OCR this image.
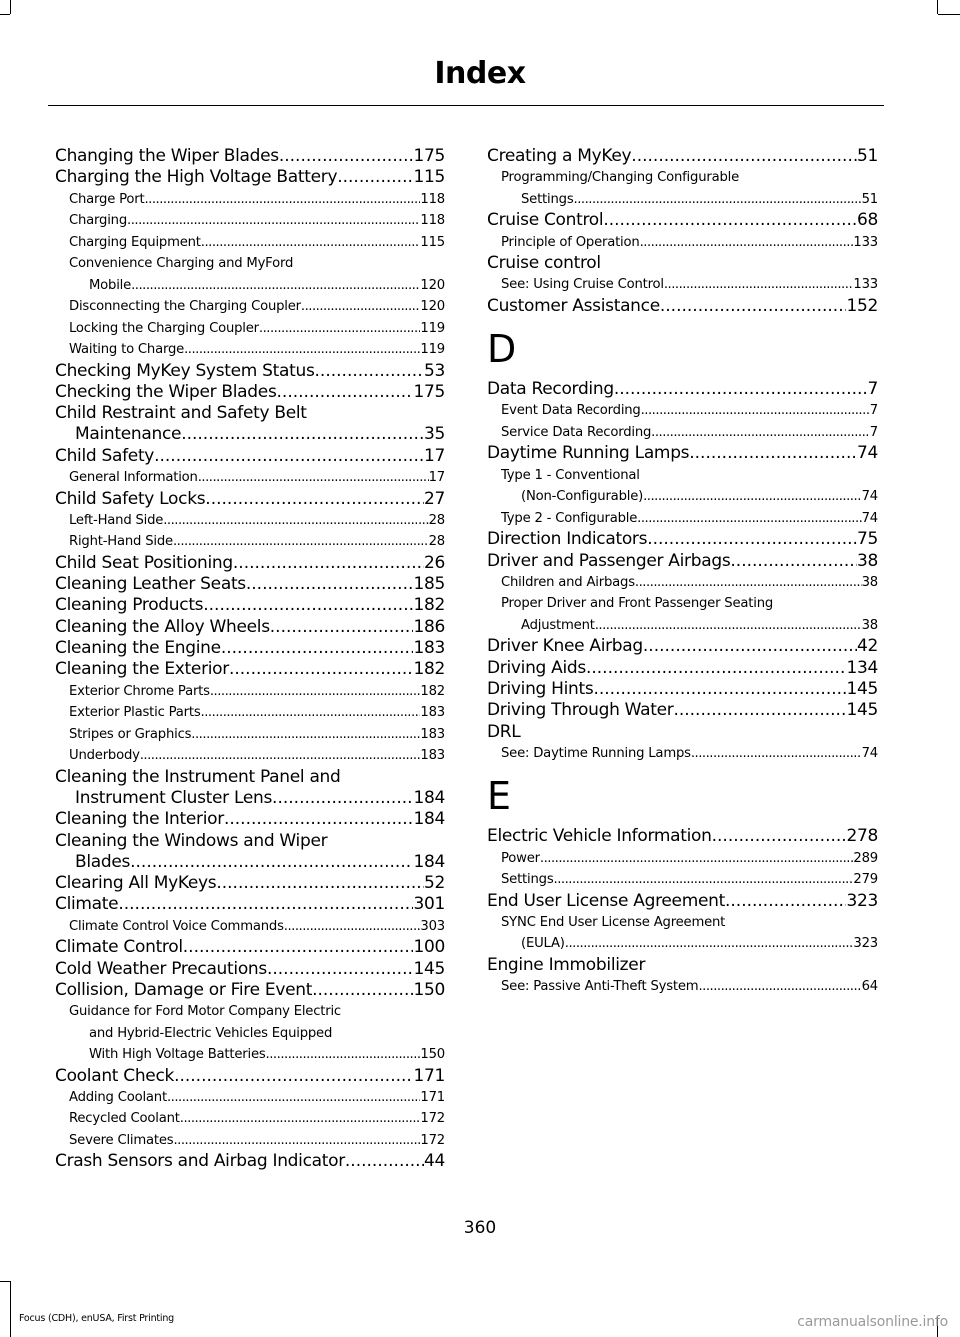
Index
Changing the Wiper Blades .....	175
Charging the High Voltage Battery .....	115
Charge Port .....	118
Charging .....	118
Charging Equipment .....	115
Convenience Charging and MyFord
Mobile .....	120
Disconnecting the Charging Coupler .....	120
Locking the Charging Coupler .....	119
Waiting to Charge .....	119
Checking MyKey System Status .....	53
Checking the Wiper Blades .....	175
Child Restraint and Safety Belt
Maintenance .....	35
Child Safety .....	17
General Information .....	17
Child Safety Locks .....	27
Left-Hand Side .....	28
Right-Hand Side .....	28
Child Seat Positioning .....	26
Cleaning Leather Seats .....	185
Cleaning Products .....	182
Cleaning the Alloy Wheels .....	186
Cleaning the Engine .....	183
Cleaning the Exterior .....	182
Exterior Chrome Parts .....	182
Exterior Plastic Parts .....	183
Stripes or Graphics .....	183
Underbody .....	183
Cleaning the Instrument Panel and
Instrument Cluster Lens .....	184
Cleaning the Interior .....	184
Cleaning the Windows and Wiper
Blades .....	184
Clearing All MyKeys .....	52
Climate .....	301
Climate Control Voice Commands .....	303
Climate Control .....	100
Cold Weather Precautions .....	145
Collision, Damage or Fire Event .....	150
Guidance for Ford Motor Company Electric
and Hybrid-Electric Vehicles Equipped
With High Voltage Batteries .....	150
Coolant Check .....	171
Adding Coolant .....	171
Recycled Coolant .....	172
Severe Climates .....	172
Crash Sensors and Airbag Indicator .....	44
Creating a MyKey .....	51
Programming/Changing Configurable
Settings .....	51
Cruise Control .....	68
Principle of Operation .....	133
Cruise control
See: Using Cruise Control .....	133
Customer Assistance .....	152
D
Data Recording .....	7
Event Data Recording .....	7
Service Data Recording .....	7
Daytime Running Lamps .....	74
Type 1 - Conventional
(Non-Configurable) .....	74
Type 2 - Configurable .....	74
Direction Indicators .....	75
Driver and Passenger Airbags .....	38
Children and Airbags .....	38
Proper Driver and Front Passenger Seating
Adjustment .....	38
Driver Knee Airbag .....	42
Driving Aids .....	134
Driving Hints .....	145
Driving Through Water .....	145
DRL
See: Daytime Running Lamps .....	74
E
Electric Vehicle Information .....	278
Power .....	289
Settings .....	279
End User License Agreement .....	323
SYNC End User License Agreement
(EULA) .....	323
Engine Immobilizer
See: Passive Anti-Theft System .....	64
360
Focus (CDH), enUSA, First Printing	carmanualsonline.info
